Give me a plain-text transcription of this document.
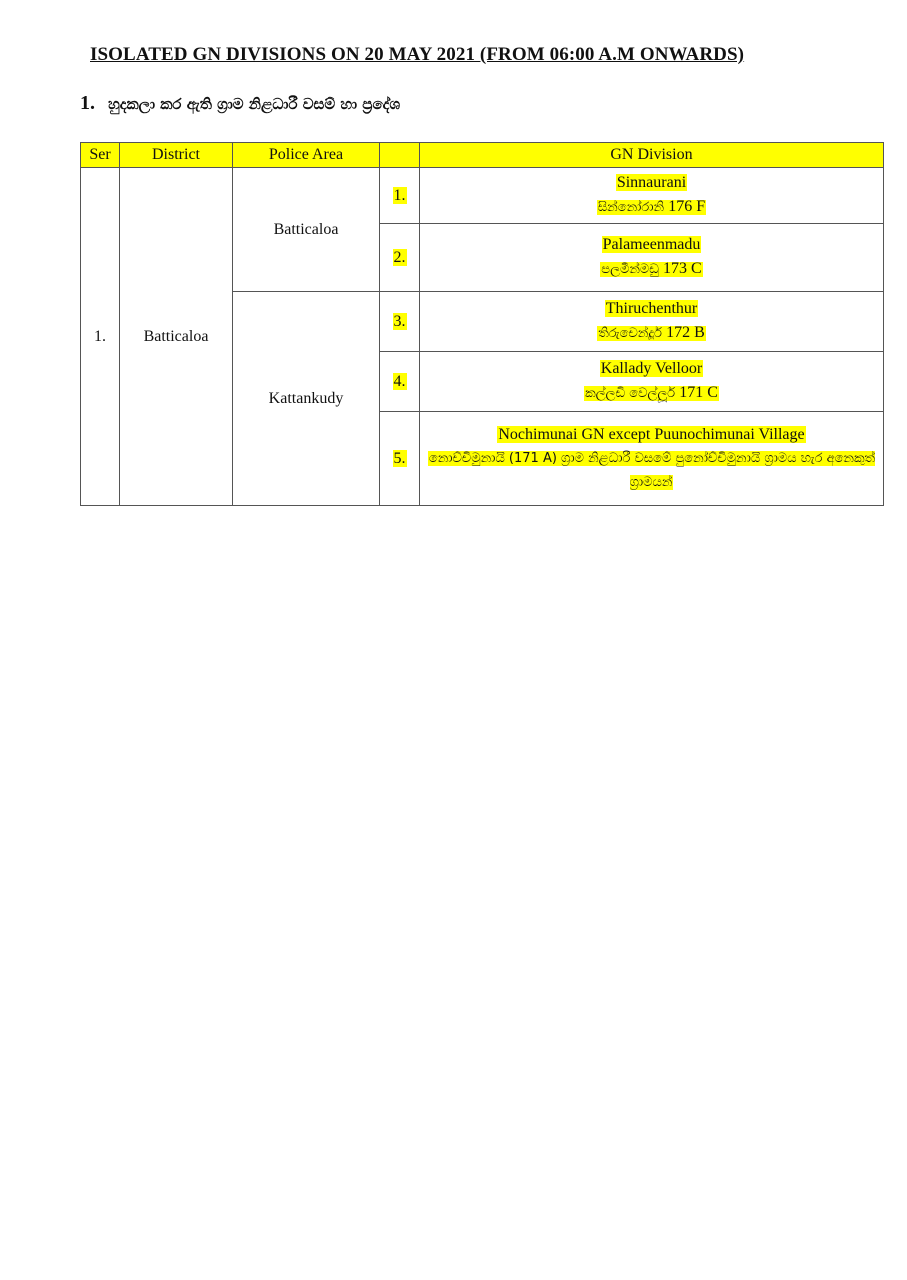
ISOLATED GN DIVISIONS ON 20 MAY 2021 (FROM 06:00 A.M ONWARDS)
1. හුදකලා කර ඇති ග්‍රාම නිළධාරී වසම් හා ප්‍රදේශ
Ser	District	Police Area		GN Division
1.	Batticaloa	Batticaloa	1.	Sinnaurani
සින්නෝරානි 176 F

			2.	Palameenmadu
පලමීන්මඩු 173 C

		Kattankudy	3.	Thiruchenthur
තිරුචෙන්දූර් 172 B

			4.	Kallady Velloor
කල්ලඩි වෙල්ලූර් 171 C

			5.	Nochimunai GN except Puunochimunai Village
නොච්චිමුනායි (171 A) ග්‍රාම නිළධාරී වසමේ පුනෝච්චිමුනායි ග්‍රාමය හැර අනෙකුත් ග්‍රාමයන්
